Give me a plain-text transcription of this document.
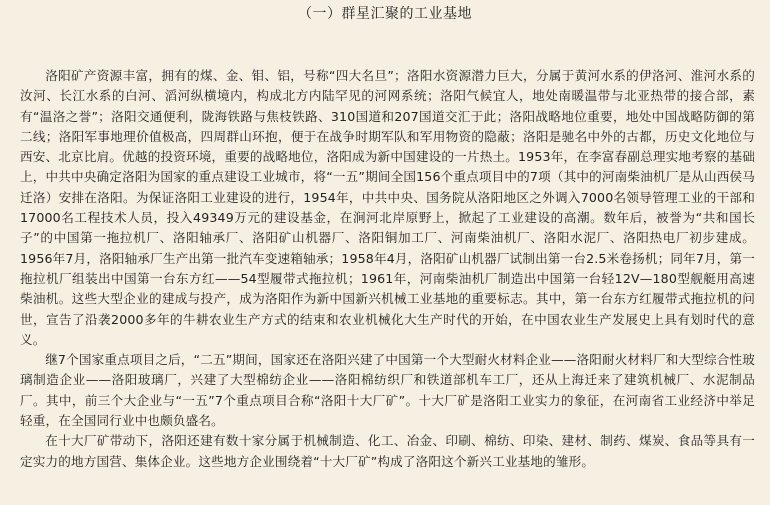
（一）群星汇聚的工业基地

洛阳矿产资源丰富，拥有的煤、金、钼、铝，号称“四大名旦”；洛阳水资源潜力巨大，分属于黄河水系的伊洛河、淮河水系的汝河、长江水系的白河、滔河纵横境内，构成北方内陆罕见的河网系统；洛阳气候宜人，地处南暖温带与北亚热带的接合部，素有“温洛之誉”；洛阳交通便利，陇海铁路与焦枝铁路、310国道和207国道交汇于此；洛阳战略地位重要，地处中国战略防御的第二线；洛阳军事地理价值极高，四周群山环抱，便于在战争时期军队和军用物资的隐蔽；洛阳是驰名中外的古都，历史文化地位与西安、北京比肩。优越的投资环境，重要的战略地位，洛阳成为新中国建设的一片热土。1953年，在李富春副总理实地考察的基础上，中共中央确定洛阳为国家的重点建设工业城市，将“一五”期间全国156个重点项目中的7项（其中的河南柴油机厂是从山西侯马迁洛）安排在洛阳。为保证洛阳工业建设的进行，1954年，中共中央、国务院从洛阳地区之外调入7000名领导管理工业的干部和17000名工程技术人员，投入49349万元的建设基金，在涧河北岸原野上，掀起了工业建设的高潮。数年后，被誉为“共和国长子”的中国第一拖拉机厂、洛阳轴承厂、洛阳矿山机器厂、洛阳铜加工厂、河南柴油机厂、洛阳水泥厂、洛阳热电厂初步建成。1956年7月，洛阳轴承厂生产出第一批汽车变速箱轴承；1958年4月，洛阳矿山机器厂试制出第一台2.5米卷扬机；同年7月，第一拖拉机厂组装出中国第一台东方红——54型履带式拖拉机；1961年，河南柴油机厂制造出中国第一台轻12V—180型舰艇用高速柴油机。这些大型企业的建成与投产，成为洛阳作为新中国新兴机械工业基地的重要标志。其中，第一台东方红履带式拖拉机的问世，宣告了沿袭2000多年的牛耕农业生产方式的结束和农业机械化大生产时代的开始，在中国农业生产发展史上具有划时代的意义。

继7个国家重点项目之后，“二五”期间，国家还在洛阳兴建了中国第一个大型耐火材料企业——洛阳耐火材料厂和大型综合性玻璃制造企业——洛阳玻璃厂，兴建了大型棉纺企业——洛阳棉纺织厂和铁道部机车工厂，还从上海迁来了建筑机械厂、水泥制品厂。其中，前三个大企业与“一五”7个重点项目合称“洛阳十大厂矿”。十大厂矿是洛阳工业实力的象征，在河南省工业经济中举足轻重，在全国同行业中也颇负盛名。

在十大厂矿带动下，洛阳还建有数十家分属于机械制造、化工、冶金、印刷、棉纺、印染、建材、制药、煤炭、食品等具有一定实力的地方国营、集体企业。这些地方企业围绕着“十大厂矿”构成了洛阳这个新兴工业基地的雏形。
